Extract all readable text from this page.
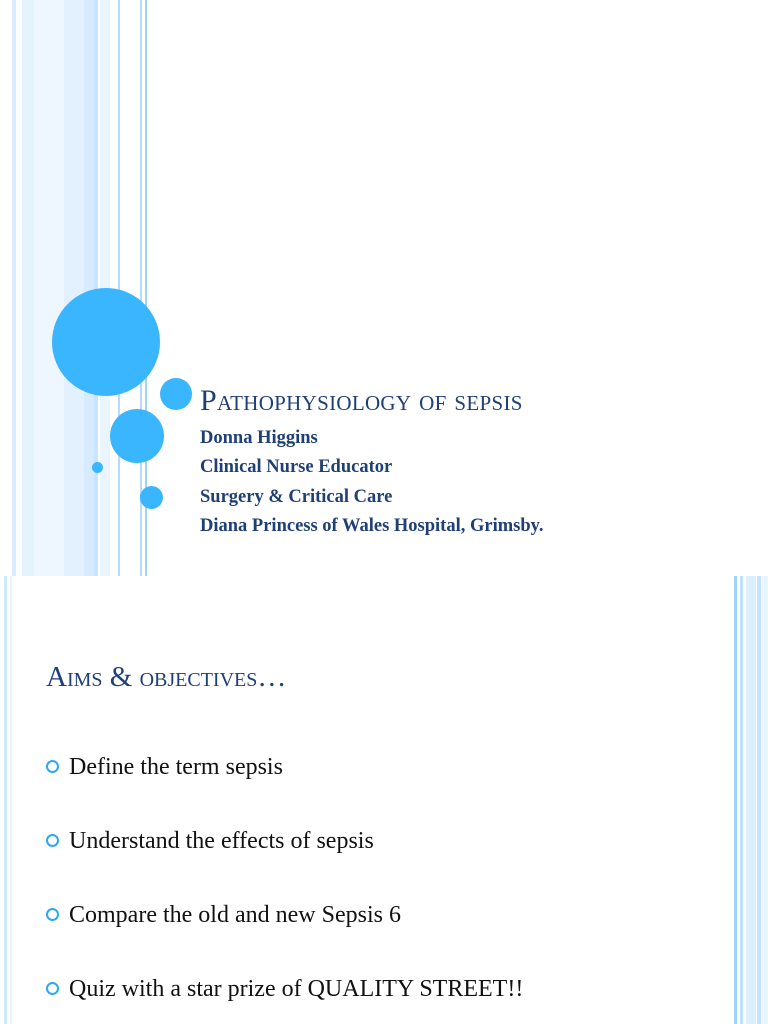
Pathophysiology of sepsis
Donna Higgins
Clinical Nurse Educator
Surgery & Critical Care
Diana Princess of Wales Hospital, Grimsby.
Aims & objectives…
Define the term sepsis
Understand the effects of sepsis
Compare the old and new Sepsis 6
Quiz with a star prize of QUALITY STREET!!
